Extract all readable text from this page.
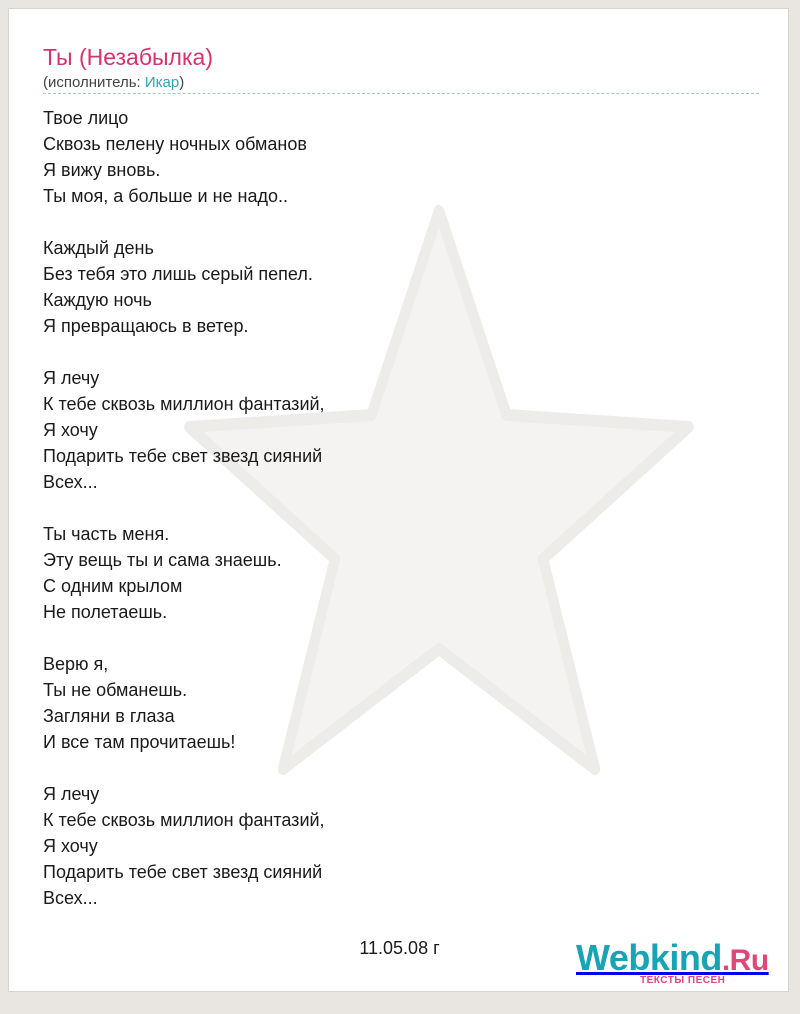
Ты (Незабылка)
(исполнитель: Икар)
Твое лицо
Сквозь пелену ночных обманов
Я вижу вновь.
Ты моя, а больше и не надо..
Каждый день
Без тебя это лишь серый пепел.
Каждую ночь
Я превращаюсь в ветер.
Я лечу
К тебе сквозь миллион фантазий,
Я хочу
Подарить тебе свет звезд сияний
Всех...
Ты часть меня.
Эту вещь ты и сама знаешь.
С одним крылом
Не полетаешь.
Верю я,
Ты не обманешь.
Загляни в глаза
И все там прочитаешь!
Я лечу
К тебе сквозь миллион фантазий,
Я хочу
Подарить тебе свет звезд сияний
Всех...
11.05.08 г	Webkind.Ru
ТЕКСТЫ ПЕСЕН
